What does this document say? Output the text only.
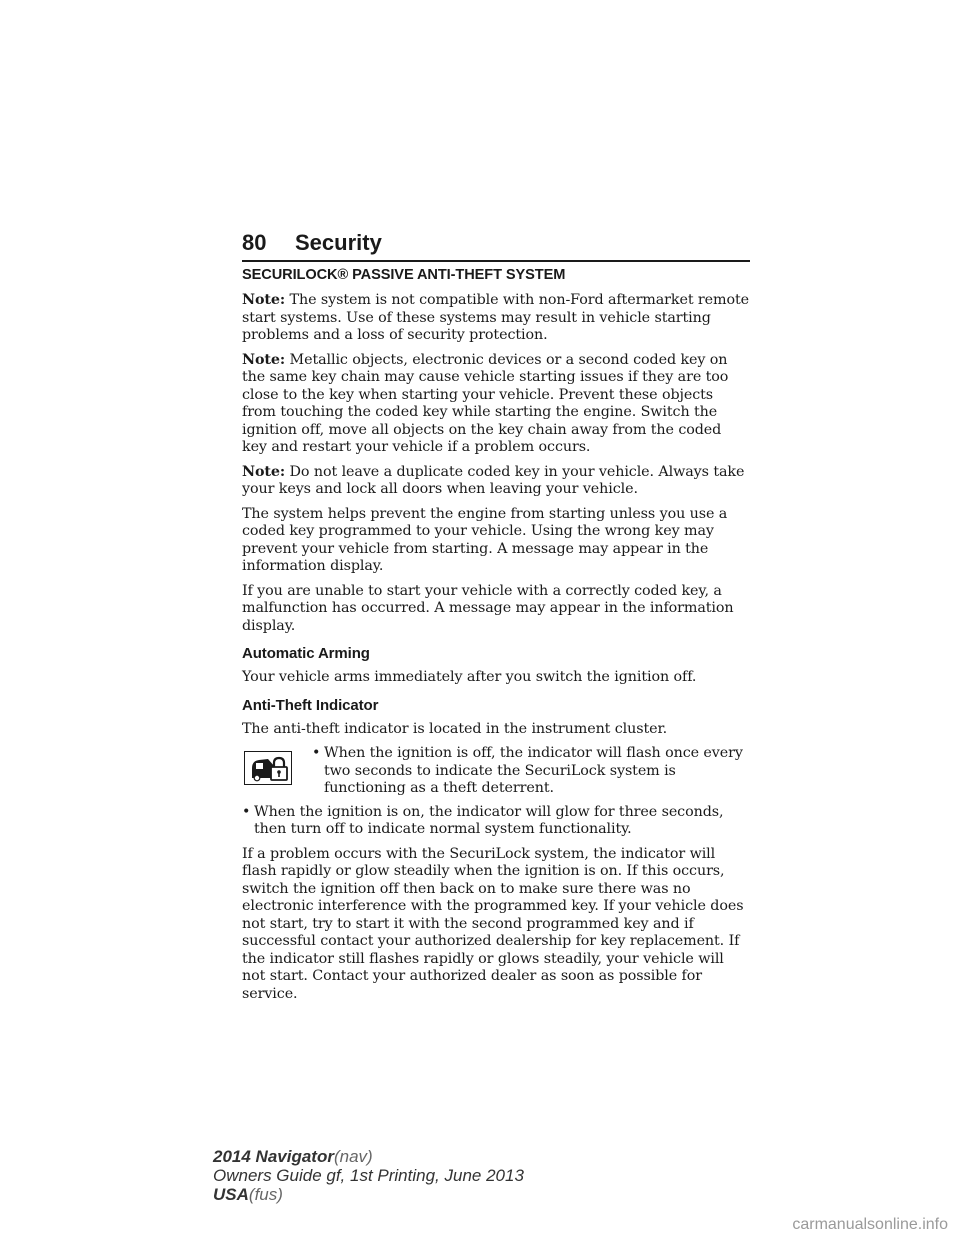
80 Security
SECURILOCK® PASSIVE ANTI-THEFT SYSTEM

Note: The system is not compatible with non-Ford aftermarket remote start systems. Use of these systems may result in vehicle starting problems and a loss of security protection.

Note: Metallic objects, electronic devices or a second coded key on the same key chain may cause vehicle starting issues if they are too close to the key when starting your vehicle. Prevent these objects from touching the coded key while starting the engine. Switch the ignition off, move all objects on the key chain away from the coded key and restart your vehicle if a problem occurs.

Note: Do not leave a duplicate coded key in your vehicle. Always take your keys and lock all doors when leaving your vehicle.

The system helps prevent the engine from starting unless you use a coded key programmed to your vehicle. Using the wrong key may prevent your vehicle from starting. A message may appear in the information display.

If you are unable to start your vehicle with a correctly coded key, a malfunction has occurred. A message may appear in the information display.

Automatic Arming

Your vehicle arms immediately after you switch the ignition off.

Anti-Theft Indicator

The anti-theft indicator is located in the instrument cluster.

• When the ignition is off, the indicator will flash once every two seconds to indicate the SecuriLock system is functioning as a theft deterrent.

• When the ignition is on, the indicator will glow for three seconds, then turn off to indicate normal system functionality.

If a problem occurs with the SecuriLock system, the indicator will flash rapidly or glow steadily when the ignition is on. If this occurs, switch the ignition off then back on to make sure there was no electronic interference with the programmed key. If your vehicle does not start, try to start it with the second programmed key and if successful contact your authorized dealership for key replacement. If the indicator still flashes rapidly or glows steadily, your vehicle will not start. Contact your authorized dealer as soon as possible for service.

2014 Navigator(nav)
Owners Guide gf, 1st Printing, June 2013
USA(fus)
carmanualsonline.info
